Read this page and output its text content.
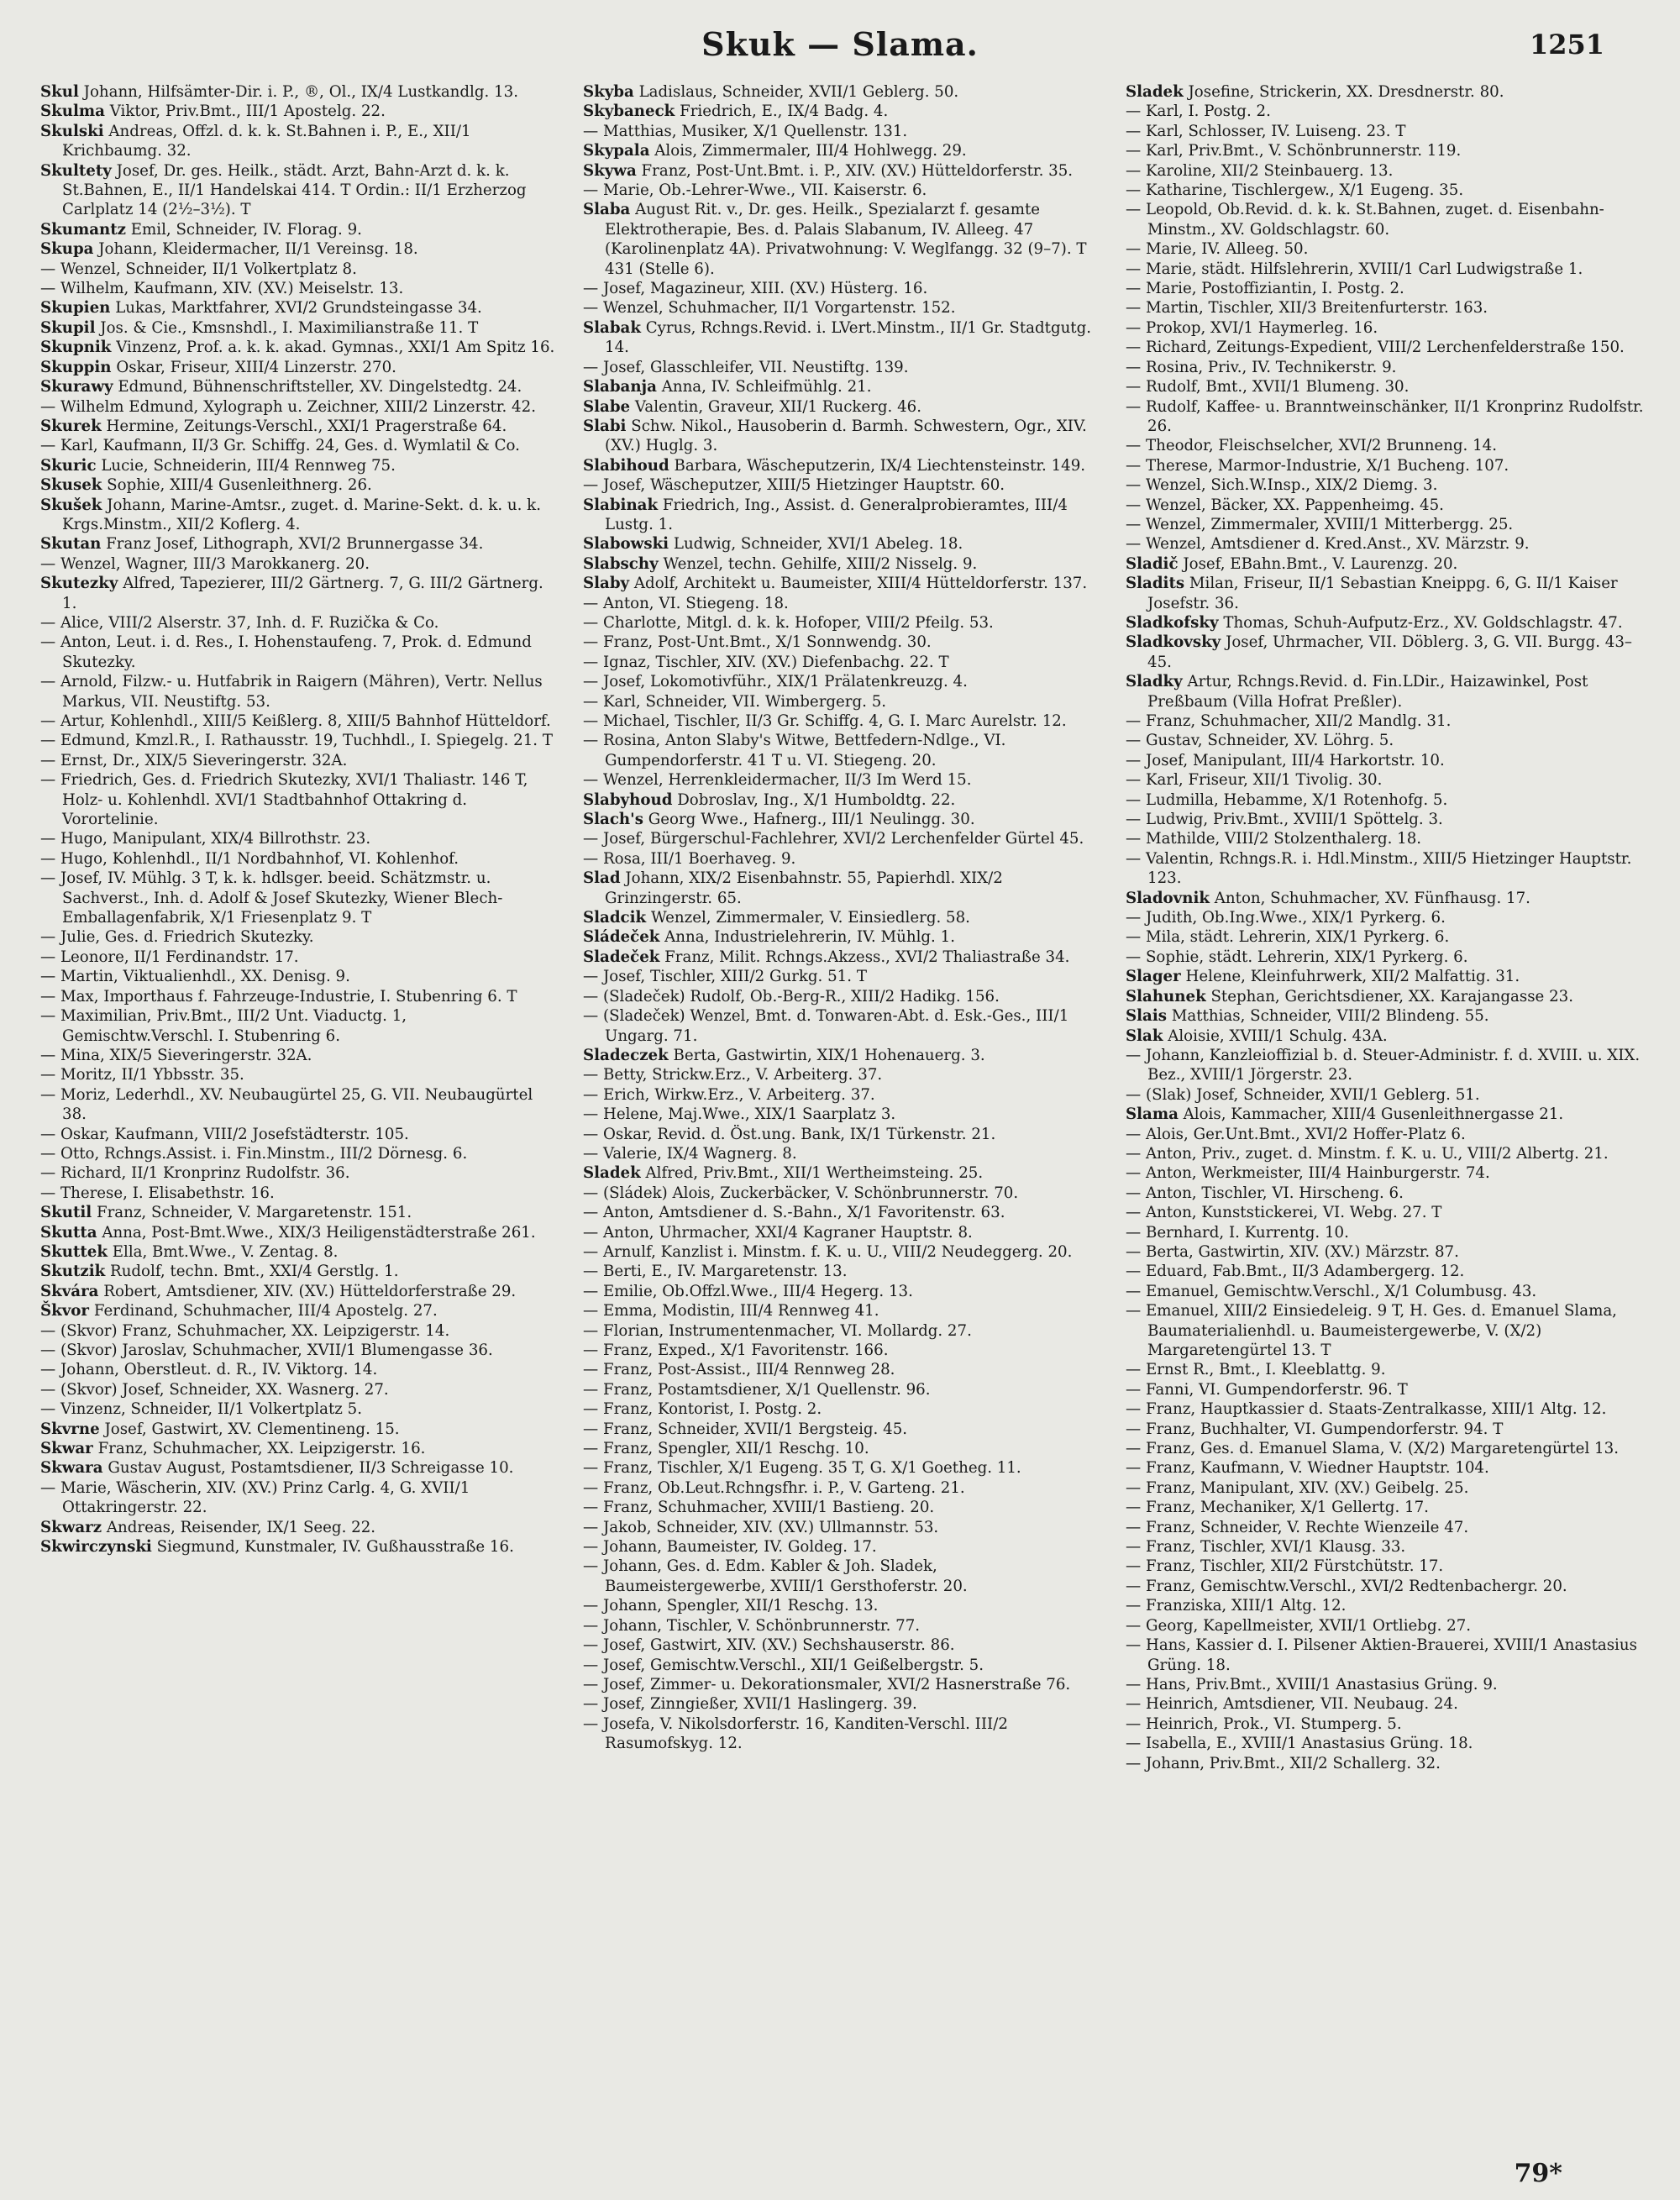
Skuk — Slama.	1251

Skul Johann, Hilfsämter-Dir. i. P., ®, Ol., IX/4 Lustkandlg. 13.

Skulma Viktor, Priv.Bmt., III/1 Apostelg. 22.

Skulski Andreas, Offzl. d. k. k. St.Bahnen i. P., E., XII/1 Krichbaumg. 32.

Skultety Josef, Dr. ges. Heilk., städt. Arzt, Bahn-Arzt d. k. k. St.Bahnen, E., II/1 Handelskai 414. T Ordin.: II/1 Erzherzog Carlplatz 14 (2½–3½). T

Skumantz Emil, Schneider, IV. Florag. 9.

Skupa Johann, Kleidermacher, II/1 Vereinsg. 18.

— Wenzel, Schneider, II/1 Volkertplatz 8.

— Wilhelm, Kaufmann, XIV. (XV.) Meiselstr. 13.

Skupien Lukas, Marktfahrer, XVI/2 Grundsteingasse 34.

Skupil Jos. & Cie., Kmsnshdl., I. Maximilianstraße 11. T

Skupnik Vinzenz, Prof. a. k. k. akad. Gymnas., XXI/1 Am Spitz 16.

Skuppin Oskar, Friseur, XIII/4 Linzerstr. 270.

Skurawy Edmund, Bühnenschriftsteller, XV. Dingelstedtg. 24.

— Wilhelm Edmund, Xylograph u. Zeichner, XIII/2 Linzerstr. 42.

Skurek Hermine, Zeitungs-Verschl., XXI/1 Pragerstraße 64.

— Karl, Kaufmann, II/3 Gr. Schiffg. 24, Ges. d. Wymlatil & Co.

Skuric Lucie, Schneiderin, III/4 Rennweg 75.

Skusek Sophie, XIII/4 Gusenleithnerg. 26.

Skušek Johann, Marine-Amtsr., zuget. d. Marine-Sekt. d. k. u. k. Krgs.Minstm., XII/2 Koflerg. 4.

Skutan Franz Josef, Lithograph, XVI/2 Brunnergasse 34.

— Wenzel, Wagner, III/3 Marokkanerg. 20.

Skutezky Alfred, Tapezierer, III/2 Gärtnerg. 7, G. III/2 Gärtnerg. 1.

— Alice, VIII/2 Alserstr. 37, Inh. d. F. Ruzička & Co.

— Anton, Leut. i. d. Res., I. Hohenstaufeng. 7, Prok. d. Edmund Skutezky.

— Arnold, Filzw.- u. Hutfabrik in Raigern (Mähren), Vertr. Nellus Markus, VII. Neustiftg. 53.

— Artur, Kohlenhdl., XIII/5 Keißlerg. 8, XIII/5 Bahnhof Hütteldorf.

— Edmund, Kmzl.R., I. Rathausstr. 19, Tuchhdl., I. Spiegelg. 21. T

— Ernst, Dr., XIX/5 Sieveringerstr. 32A.

— Friedrich, Ges. d. Friedrich Skutezky, XVI/1 Thaliastr. 146 T, Holz- u. Kohlenhdl. XVI/1 Stadtbahnhof Ottakring d. Vorortelinie.

— Hugo, Manipulant, XIX/4 Billrothstr. 23.

— Hugo, Kohlenhdl., II/1 Nordbahnhof, VI. Kohlenhof.

— Josef, IV. Mühlg. 3 T, k. k. hdlsger. beeid. Schätzmstr. u. Sachverst., Inh. d. Adolf & Josef Skutezky, Wiener Blech-Emballagenfabrik, X/1 Friesenplatz 9. T

— Julie, Ges. d. Friedrich Skutezky.

— Leonore, II/1 Ferdinandstr. 17.

— Martin, Viktualienhdl., XX. Denisg. 9.

— Max, Importhaus f. Fahrzeuge-Industrie, I. Stubenring 6. T

— Maximilian, Priv.Bmt., III/2 Unt. Viaductg. 1, Gemischtw.Verschl. I. Stubenring 6.

— Mina, XIX/5 Sieveringerstr. 32A.

— Moritz, II/1 Ybbsstr. 35.

— Moriz, Lederhdl., XV. Neubaugürtel 25, G. VII. Neubaugürtel 38.

— Oskar, Kaufmann, VIII/2 Josefstädterstr. 105.

— Otto, Rchngs.Assist. i. Fin.Minstm., III/2 Dörnesg. 6.

— Richard, II/1 Kronprinz Rudolfstr. 36.

— Therese, I. Elisabethstr. 16.

Skutil Franz, Schneider, V. Margaretenstr. 151.

Skutta Anna, Post-Bmt.Wwe., XIX/3 Heiligenstädterstraße 261.

Skuttek Ella, Bmt.Wwe., V. Zentag. 8.

Skutzik Rudolf, techn. Bmt., XXI/4 Gerstlg. 1.

Skvára Robert, Amtsdiener, XIV. (XV.) Hütteldorferstraße 29.

Škvor Ferdinand, Schuhmacher, III/4 Apostelg. 27.

— (Skvor) Franz, Schuhmacher, XX. Leipzigerstr. 14.

— (Skvor) Jaroslav, Schuhmacher, XVII/1 Blumengasse 36.

— Johann, Oberstleut. d. R., IV. Viktorg. 14.

— (Skvor) Josef, Schneider, XX. Wasnerg. 27.

— Vinzenz, Schneider, II/1 Volkertplatz 5.

Skvrne Josef, Gastwirt, XV. Clementineng. 15.

Skwar Franz, Schuhmacher, XX. Leipzigerstr. 16.

Skwara Gustav August, Postamtsdiener, II/3 Schreigasse 10.

— Marie, Wäscherin, XIV. (XV.) Prinz Carlg. 4, G. XVII/1 Ottakringerstr. 22.

Skwarz Andreas, Reisender, IX/1 Seeg. 22.

Skwirczynski Siegmund, Kunstmaler, IV. Gußhausstraße 16.

Skyba Ladislaus, Schneider, XVII/1 Geblerg. 50.

Skybaneck Friedrich, E., IX/4 Badg. 4.

— Matthias, Musiker, X/1 Quellenstr. 131.

Skypala Alois, Zimmermaler, III/4 Hohlwegg. 29.

Skywa Franz, Post-Unt.Bmt. i. P., XIV. (XV.) Hütteldorferstr. 35.

— Marie, Ob.-Lehrer-Wwe., VII. Kaiserstr. 6.

Slaba August Rit. v., Dr. ges. Heilk., Spezialarzt f. gesamte Elektrotherapie, Bes. d. Palais Slabanum, IV. Alleeg. 47 (Karolinenplatz 4A). Privatwohnung: V. Weglfangg. 32 (9–7). T 431 (Stelle 6).

— Josef, Magazineur, XIII. (XV.) Hüsterg. 16.

— Wenzel, Schuhmacher, II/1 Vorgartenstr. 152.

Slabak Cyrus, Rchngs.Revid. i. LVert.Minstm., II/1 Gr. Stadtgutg. 14.

— Josef, Glasschleifer, VII. Neustiftg. 139.

Slabanja Anna, IV. Schleifmühlg. 21.

Slabe Valentin, Graveur, XII/1 Ruckerg. 46.

Slabi Schw. Nikol., Hausoberin d. Barmh. Schwestern, Ogr., XIV. (XV.) Huglg. 3.

Slabihoud Barbara, Wäscheputzerin, IX/4 Liechtensteinstr. 149.

— Josef, Wäscheputzer, XIII/5 Hietzinger Hauptstr. 60.

Slabinak Friedrich, Ing., Assist. d. Generalprobieramtes, III/4 Lustg. 1.

Slabowski Ludwig, Schneider, XVI/1 Abeleg. 18.

Slabschy Wenzel, techn. Gehilfe, XIII/2 Nisselg. 9.

Slaby Adolf, Architekt u. Baumeister, XIII/4 Hütteldorferstr. 137.

— Anton, VI. Stiegeng. 18.

— Charlotte, Mitgl. d. k. k. Hofoper, VIII/2 Pfeilg. 53.

— Franz, Post-Unt.Bmt., X/1 Sonnwendg. 30.

— Ignaz, Tischler, XIV. (XV.) Diefenbachg. 22. T

— Josef, Lokomotivführ., XIX/1 Prälatenkreuzg. 4.

— Karl, Schneider, VII. Wimbergerg. 5.

— Michael, Tischler, II/3 Gr. Schiffg. 4, G. I. Marc Aurelstr. 12.

— Rosina, Anton Slaby's Witwe, Bettfedern-Ndlge., VI. Gumpendorferstr. 41 T u. VI. Stiegeng. 20.

— Wenzel, Herrenkleidermacher, II/3 Im Werd 15.

Slabyhoud Dobroslav, Ing., X/1 Humboldtg. 22.

Slach's Georg Wwe., Hafnerg., III/1 Neulingg. 30.

— Josef, Bürgerschul-Fachlehrer, XVI/2 Lerchenfelder Gürtel 45.

— Rosa, III/1 Boerhaveg. 9.

Slad Johann, XIX/2 Eisenbahnstr. 55, Papierhdl. XIX/2 Grinzingerstr. 65.

Sladcik Wenzel, Zimmermaler, V. Einsiedlerg. 58.

Sládeček Anna, Industrielehrerin, IV. Mühlg. 1.

Sladeček Franz, Milit. Rchngs.Akzess., XVI/2 Thaliastraße 34.

— Josef, Tischler, XIII/2 Gurkg. 51. T

— (Sladeček) Rudolf, Ob.-Berg-R., XIII/2 Hadikg. 156.

— (Sladeček) Wenzel, Bmt. d. Tonwaren-Abt. d. Esk.-Ges., III/1 Ungarg. 71.

Sladeczek Berta, Gastwirtin, XIX/1 Hohenauerg. 3.

— Betty, Strickw.Erz., V. Arbeiterg. 37.

— Erich, Wirkw.Erz., V. Arbeiterg. 37.

— Helene, Maj.Wwe., XIX/1 Saarplatz 3.

— Oskar, Revid. d. Öst.ung. Bank, IX/1 Türkenstr. 21.

— Valerie, IX/4 Wagnerg. 8.

Sladek Alfred, Priv.Bmt., XII/1 Wertheimsteing. 25.

— (Sládek) Alois, Zuckerbäcker, V. Schönbrunnerstr. 70.

— Anton, Amtsdiener d. S.-Bahn., X/1 Favoritenstr. 63.

— Anton, Uhrmacher, XXI/4 Kagraner Hauptstr. 8.

— Arnulf, Kanzlist i. Minstm. f. K. u. U., VIII/2 Neudeggerg. 20.

— Berti, E., IV. Margaretenstr. 13.

— Emilie, Ob.Offzl.Wwe., III/4 Hegerg. 13.

— Emma, Modistin, III/4 Rennweg 41.

— Florian, Instrumentenmacher, VI. Mollardg. 27.

— Franz, Exped., X/1 Favoritenstr. 166.

— Franz, Post-Assist., III/4 Rennweg 28.

— Franz, Postamtsdiener, X/1 Quellenstr. 96.

— Franz, Kontorist, I. Postg. 2.

— Franz, Schneider, XVII/1 Bergsteig. 45.

— Franz, Spengler, XII/1 Reschg. 10.

— Franz, Tischler, X/1 Eugeng. 35 T, G. X/1 Goetheg. 11.

— Franz, Ob.Leut.Rchngsfhr. i. P., V. Garteng. 21.

— Franz, Schuhmacher, XVIII/1 Bastieng. 20.

— Jakob, Schneider, XIV. (XV.) Ullmannstr. 53.

— Johann, Baumeister, IV. Goldeg. 17.

— Johann, Ges. d. Edm. Kabler & Joh. Sladek, Baumeistergewerbe, XVIII/1 Gersthoferstr. 20.

— Johann, Spengler, XII/1 Reschg. 13.

— Johann, Tischler, V. Schönbrunnerstr. 77.

— Josef, Gastwirt, XIV. (XV.) Sechshauserstr. 86.

— Josef, Gemischtw.Verschl., XII/1 Geißelbergstr. 5.

— Josef, Zimmer- u. Dekorationsmaler, XVI/2 Hasnerstraße 76.

— Josef, Zinngießer, XVII/1 Haslingerg. 39.

— Josefa, V. Nikolsdorferstr. 16, Kanditen-Verschl. III/2 Rasumofskyg. 12.

Sladek Josefine, Strickerin, XX. Dresdnerstr. 80.

— Karl, I. Postg. 2.

— Karl, Schlosser, IV. Luiseng. 23. T

— Karl, Priv.Bmt., V. Schönbrunnerstr. 119.

— Karoline, XII/2 Steinbauerg. 13.

— Katharine, Tischlergew., X/1 Eugeng. 35.

— Leopold, Ob.Revid. d. k. k. St.Bahnen, zuget. d. Eisenbahn-Minstm., XV. Goldschlagstr. 60.

— Marie, IV. Alleeg. 50.

— Marie, städt. Hilfslehrerin, XVIII/1 Carl Ludwigstraße 1.

— Marie, Postoffiziantin, I. Postg. 2.

— Martin, Tischler, XII/3 Breitenfurterstr. 163.

— Prokop, XVI/1 Haymerleg. 16.

— Richard, Zeitungs-Expedient, VIII/2 Lerchenfelderstraße 150.

— Rosina, Priv., IV. Technikerstr. 9.

— Rudolf, Bmt., XVII/1 Blumeng. 30.

— Rudolf, Kaffee- u. Branntweinschänker, II/1 Kronprinz Rudolfstr. 26.

— Theodor, Fleischselcher, XVI/2 Brunneng. 14.

— Therese, Marmor-Industrie, X/1 Bucheng. 107.

— Wenzel, Sich.W.Insp., XIX/2 Diemg. 3.

— Wenzel, Bäcker, XX. Pappenheimg. 45.

— Wenzel, Zimmermaler, XVIII/1 Mitterbergg. 25.

— Wenzel, Amtsdiener d. Kred.Anst., XV. Märzstr. 9.

Sladič Josef, EBahn.Bmt., V. Laurenzg. 20.

Sladits Milan, Friseur, II/1 Sebastian Kneippg. 6, G. II/1 Kaiser Josefstr. 36.

Sladkofsky Thomas, Schuh-Aufputz-Erz., XV. Goldschlagstr. 47.

Sladkovsky Josef, Uhrmacher, VII. Döblerg. 3, G. VII. Burgg. 43–45.

Sladky Artur, Rchngs.Revid. d. Fin.LDir., Haizawinkel, Post Preßbaum (Villa Hofrat Preßler).

— Franz, Schuhmacher, XII/2 Mandlg. 31.

— Gustav, Schneider, XV. Löhrg. 5.

— Josef, Manipulant, III/4 Harkortstr. 10.

— Karl, Friseur, XII/1 Tivolig. 30.

— Ludmilla, Hebamme, X/1 Rotenhofg. 5.

— Ludwig, Priv.Bmt., XVIII/1 Spöttelg. 3.

— Mathilde, VIII/2 Stolzenthalerg. 18.

— Valentin, Rchngs.R. i. Hdl.Minstm., XIII/5 Hietzinger Hauptstr. 123.

Sladovnik Anton, Schuhmacher, XV. Fünfhausg. 17.

— Judith, Ob.Ing.Wwe., XIX/1 Pyrkerg. 6.

— Mila, städt. Lehrerin, XIX/1 Pyrkerg. 6.

— Sophie, städt. Lehrerin, XIX/1 Pyrkerg. 6.

Slager Helene, Kleinfuhrwerk, XII/2 Malfattig. 31.

Slahunek Stephan, Gerichtsdiener, XX. Karajangasse 23.

Slais Matthias, Schneider, VIII/2 Blindeng. 55.

Slak Aloisie, XVIII/1 Schulg. 43A.

— Johann, Kanzleioffizial b. d. Steuer-Administr. f. d. XVIII. u. XIX. Bez., XVIII/1 Jörgerstr. 23.

— (Slak) Josef, Schneider, XVII/1 Geblerg. 51.

Slama Alois, Kammacher, XIII/4 Gusenleithnergasse 21.

— Alois, Ger.Unt.Bmt., XVI/2 Hoffer-Platz 6.

— Anton, Priv., zuget. d. Minstm. f. K. u. U., VIII/2 Albertg. 21.

— Anton, Werkmeister, III/4 Hainburgerstr. 74.

— Anton, Tischler, VI. Hirscheng. 6.

— Anton, Kunststickerei, VI. Webg. 27. T

— Bernhard, I. Kurrentg. 10.

— Berta, Gastwirtin, XIV. (XV.) Märzstr. 87.

— Eduard, Fab.Bmt., II/3 Adambergerg. 12.

— Emanuel, Gemischtw.Verschl., X/1 Columbusg. 43.

— Emanuel, XIII/2 Einsiedeleig. 9 T, H. Ges. d. Emanuel Slama, Baumaterialienhdl. u. Baumeistergewerbe, V. (X/2) Margaretengürtel 13. T

— Ernst R., Bmt., I. Kleeblattg. 9.

— Fanni, VI. Gumpendorferstr. 96. T

— Franz, Hauptkassier d. Staats-Zentralkasse, XIII/1 Altg. 12.

— Franz, Buchhalter, VI. Gumpendorferstr. 94. T

— Franz, Ges. d. Emanuel Slama, V. (X/2) Margaretengürtel 13.

— Franz, Kaufmann, V. Wiedner Hauptstr. 104.

— Franz, Manipulant, XIV. (XV.) Geibelg. 25.

— Franz, Mechaniker, X/1 Gellertg. 17.

— Franz, Schneider, V. Rechte Wienzeile 47.

— Franz, Tischler, XVI/1 Klausg. 33.

— Franz, Tischler, XII/2 Fürstchütstr. 17.

— Franz, Gemischtw.Verschl., XVI/2 Redtenbachergr. 20.

— Franziska, XIII/1 Altg. 12.

— Georg, Kapellmeister, XVII/1 Ortliebg. 27.

— Hans, Kassier d. I. Pilsener Aktien-Brauerei, XVIII/1 Anastasius Grüng. 18.

— Hans, Priv.Bmt., XVIII/1 Anastasius Grüng. 9.

— Heinrich, Amtsdiener, VII. Neubaug. 24.

— Heinrich, Prok., VI. Stumperg. 5.

— Isabella, E., XVIII/1 Anastasius Grüng. 18.

— Johann, Priv.Bmt., XII/2 Schallerg. 32.

79*
